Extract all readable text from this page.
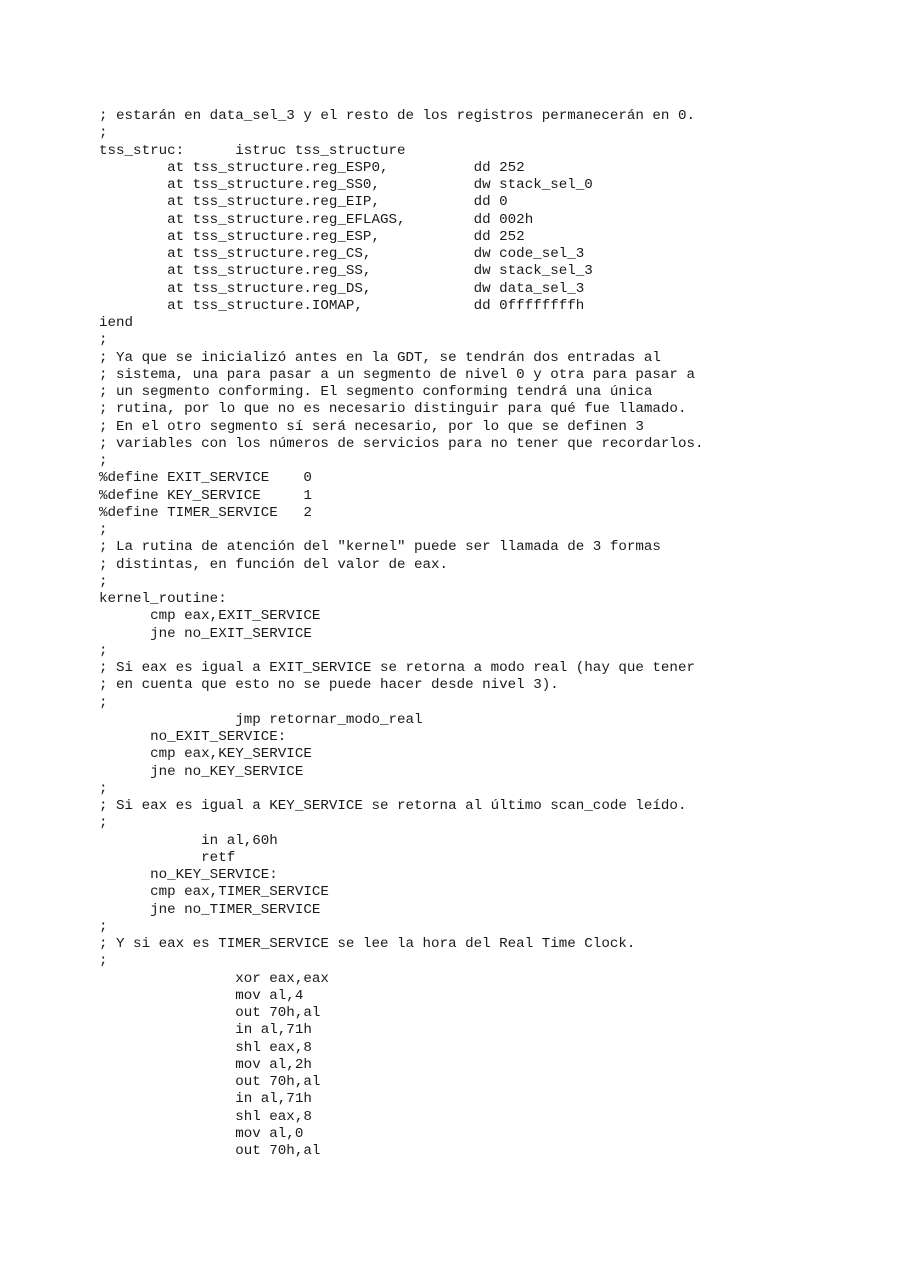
; estarán en data_sel_3 y el resto de los registros permanecerán en 0.
;
tss_struc:      istruc tss_structure
at tss_structure.reg_ESP0,          dd 252
at tss_structure.reg_SS0,           dw stack_sel_0
at tss_structure.reg_EIP,           dd 0
at tss_structure.reg_EFLAGS,        dd 002h
at tss_structure.reg_ESP,           dd 252
at tss_structure.reg_CS,            dw code_sel_3
at tss_structure.reg_SS,            dw stack_sel_3
at tss_structure.reg_DS,            dw data_sel_3
at tss_structure.IOMAP,             dd 0ffffffffh
iend
;
; Ya que se inicializó antes en la GDT, se tendrán dos entradas al
; sistema, una para pasar a un segmento de nivel 0 y otra para pasar a
; un segmento conforming. El segmento conforming tendrá una única
; rutina, por lo que no es necesario distinguir para qué fue llamado.
; En el otro segmento sí será necesario, por lo que se definen 3
; variables con los números de servicios para no tener que recordarlos.
;
%define EXIT_SERVICE    0
%define KEY_SERVICE     1
%define TIMER_SERVICE   2
;
; La rutina de atención del "kernel" puede ser llamada de 3 formas
; distintas, en función del valor de eax.
;
kernel_routine:
cmp eax,EXIT_SERVICE
jne no_EXIT_SERVICE
;
; Si eax es igual a EXIT_SERVICE se retorna a modo real (hay que tener
; en cuenta que esto no se puede hacer desde nivel 3).
;
jmp retornar_modo_real
no_EXIT_SERVICE:
cmp eax,KEY_SERVICE
jne no_KEY_SERVICE
;
; Si eax es igual a KEY_SERVICE se retorna al último scan_code leído.
;
in al,60h
retf
no_KEY_SERVICE:
cmp eax,TIMER_SERVICE
jne no_TIMER_SERVICE
;
; Y si eax es TIMER_SERVICE se lee la hora del Real Time Clock.
;
xor eax,eax
mov al,4
out 70h,al
in al,71h
shl eax,8
mov al,2h
out 70h,al
in al,71h
shl eax,8
mov al,0
out 70h,al
